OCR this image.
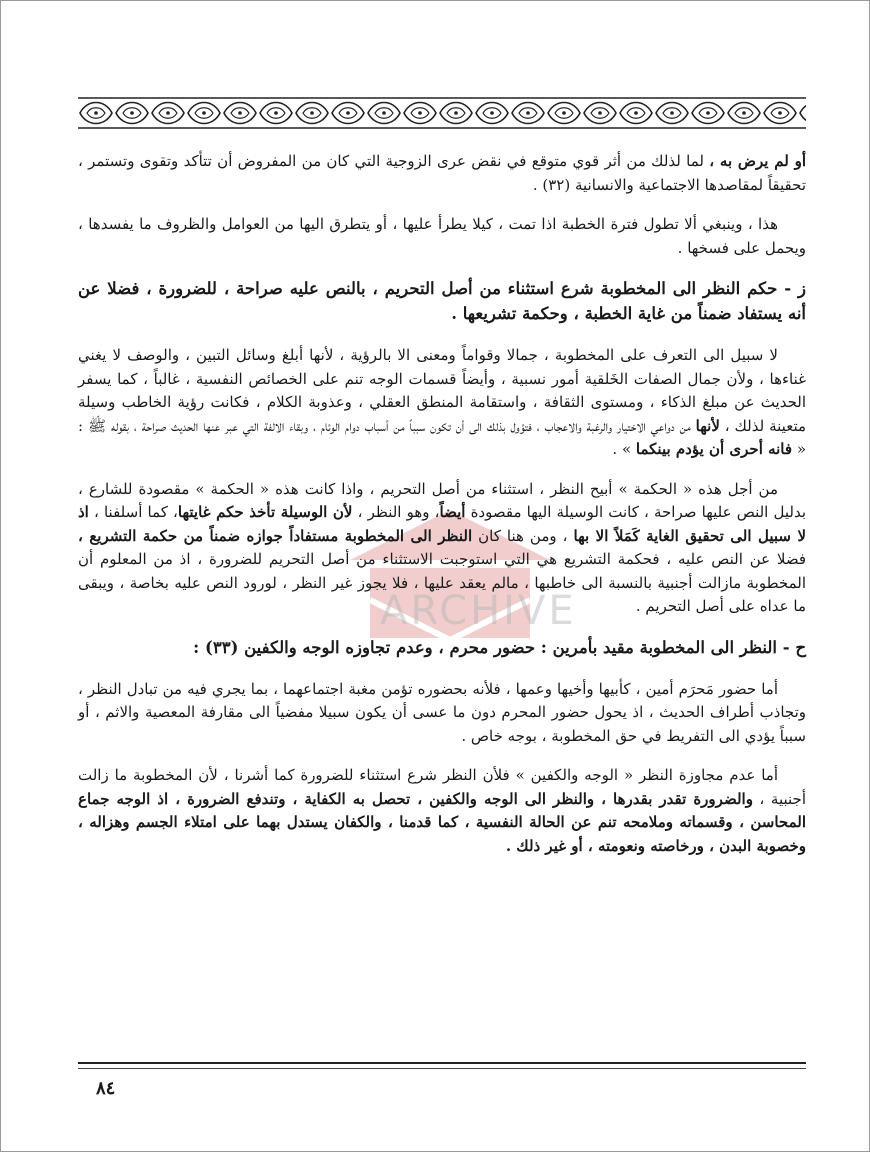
ARCHIVE

أو لم يرض به ، لما لذلك من أثر قوي متوقع في نقض عرى الزوجية التي كان من المفروض أن تتأكد وتقوى وتستمر ، تحقيقاً لمقاصدها الاجتماعية والانسانية (٣٢) .

هذا ، وينبغي ألا تطول فترة الخطبة اذا تمت ، كيلا يطرأ عليها ، أو يتطرق اليها من العوامل والظروف ما يفسدها ، ويحمل على فسخها .

ز - حكم النظر الى المخطوبة شرع استثناء من أصل التحريم ، بالنص عليه صراحة ، للضرورة ، فضلا عن أنه يستفاد ضمناً من غاية الخطبة ، وحكمة تشريعها .

لا سبيل الى التعرف على المخطوبة ، جمالا وقواماً ومعنى الا بالرؤية ، لأنها أبلغ وسائل التبين ، والوصف لا يغني غناءها ، ولأن جمال الصفات الخَلقية أمور نسبية ، وأيضاً قسمات الوجه تنم على الخصائص النفسية ، غالباً ، كما يسفر الحديث عن مبلغ الذكاء ، ومستوى الثقافة ، واستقامة المنطق العقلي ، وعذوبة الكلام ، فكانت رؤية الخاطب وسيلة متعينة لذلك ، لأنها من دواعي الاختيار والرغبة والاعجاب ، فتؤول بذلك الى أن تكون سبباً من أسباب دوام الوئام ، وبقاء الالفة التي عبر عنها الحديث صراحة ، بقوله ﷺ : « فانه أحرى أن يؤدم بينكما » .

من أجل هذه « الحكمة » أبيح النظر ، استثناء من أصل التحريم ، واذا كانت هذه « الحكمة » مقصودة للشارع ، بدليل النص عليها صراحة ، كانت الوسيلة اليها مقصودة أيضاً، وهو النظر ، لأن الوسيلة تأخذ حكم غايتها، كما أسلفنا ، اذ لا سبيل الى تحقيق الغاية كَمَلاً الا بها ، ومن هنا كان النظر الى المخطوبة مستفاداً جوازه ضمناً من حكمة التشريع ، فضلا عن النص عليه ، فحكمة التشريع هي التي استوجبت الاستثناء من أصل التحريم للضرورة ، اذ من المعلوم أن المخطوبة مازالت أجنبية بالنسبة الى خاطبها ، مالم يعقد عليها ، فلا يجوز غير النظر ، لورود النص عليه بخاصة ، ويبقى ما عداه على أصل التحريم .

ح - النظر الى المخطوبة مقيد بأمرين : حضور محرم ، وعدم تجاوزه الوجه والكفين (٣٣) :

أما حضور مَحرَم أمين ، كأبيها وأخيها وعمها ، فلأنه بحضوره تؤمن مغبة اجتماعهما ، بما يجري فيه من تبادل النظر ، وتجاذب أطراف الحديث ، اذ يحول حضور المحرم دون ما عسى أن يكون سبيلا مفضياً الى مقارفة المعصية والاثم ، أو سبباً يؤدي الى التفريط في حق المخطوبة ، بوجه خاص .

أما عدم مجاوزة النظر « الوجه والكفين » فلأن النظر شرع استثناء للضرورة كما أشرنا ، لأن المخطوبة ما زالت أجنبية ، والضرورة تقدر بقدرها ، والنظر الى الوجه والكفين ، تحصل به الكفاية ، وتندفع الضرورة ، اذ الوجه جماع المحاسن ، وقسماته وملامحه تنم عن الحالة النفسية ، كما قدمنا ، والكفان يستدل بهما على امتلاء الجسم وهزاله ، وخصوبة البدن ، ورخاصته ونعومته ، أو غير ذلك .

٨٤
